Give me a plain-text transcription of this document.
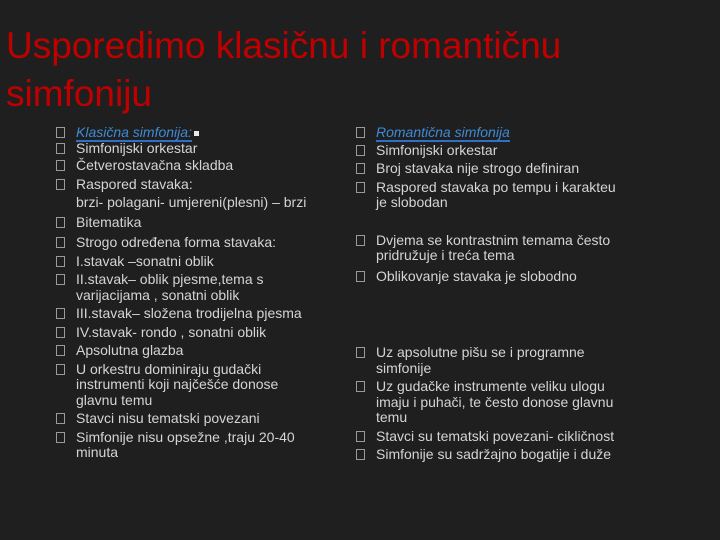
Usporedimo klasičnu i romantičnu simfoniju
Klasična simfonija:
Simfonijski orkestar
Četverostavačna skladba
Raspored stavaka:
brzi- polagani- umjereni(plesni) – brzi
Bitematika
Strogo određena forma stavaka:
I.stavak –sonatni oblik
II.stavak– oblik pjesme,tema s varijacijama , sonatni oblik
III.stavak– složena trodijelna pjesma
IV.stavak- rondo , sonatni oblik
Apsolutna glazba
U orkestru dominiraju gudački instrumenti koji najčešće donose glavnu temu
Stavci nisu tematski povezani
Simfonije nisu opsežne ,traju 20-40 minuta
Romantična simfonija
Simfonijski orkestar
Broj stavaka nije strogo definiran
Raspored stavaka po tempu i karakteu je slobodan
Dvjema se kontrastnim temama često pridružuje i treća tema
Oblikovanje stavaka je slobodno
Uz apsolutne pišu se i programne simfonije
Uz gudačke instrumente veliku ulogu imaju i puhači, te često donose glavnu temu
Stavci su tematski povezani- cikličnost
Simfonije su sadržajno bogatije i duže
